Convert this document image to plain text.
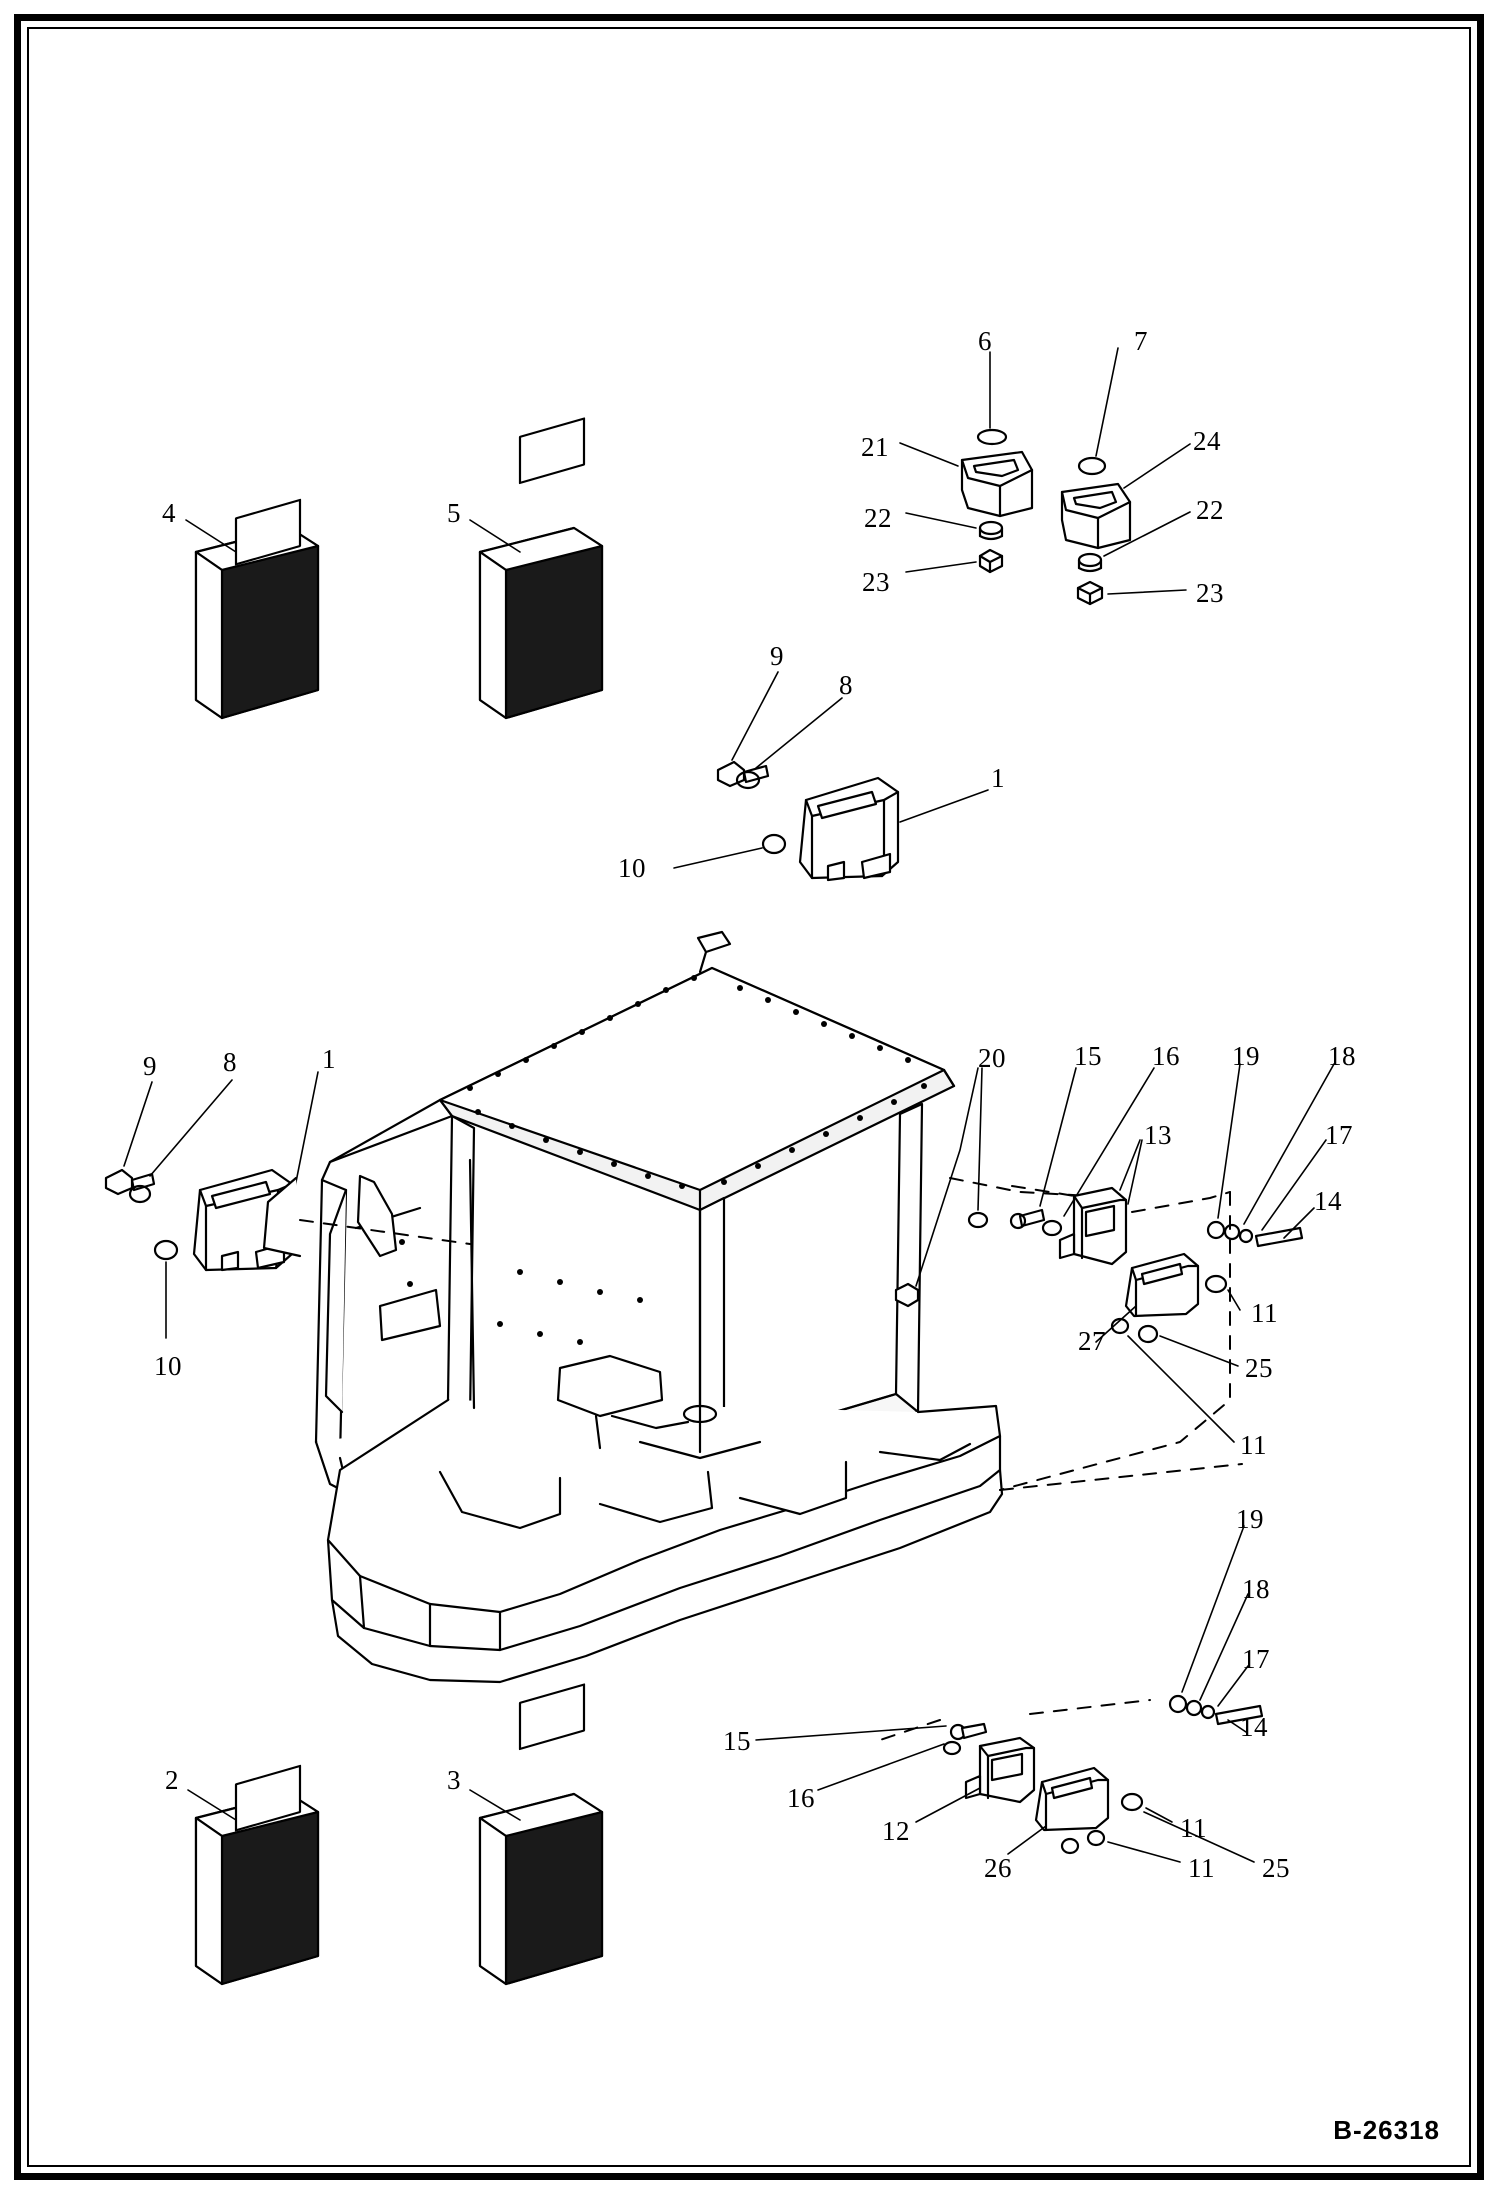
6	7
21	24
22	22
23	23
4	5
9
8
1
10
9 8	1
10
20	15 16 19	18
13	17
14
11
27
25
11
19
18
17
14
15
16
12
26
11
11 25
2	3
B-26318
